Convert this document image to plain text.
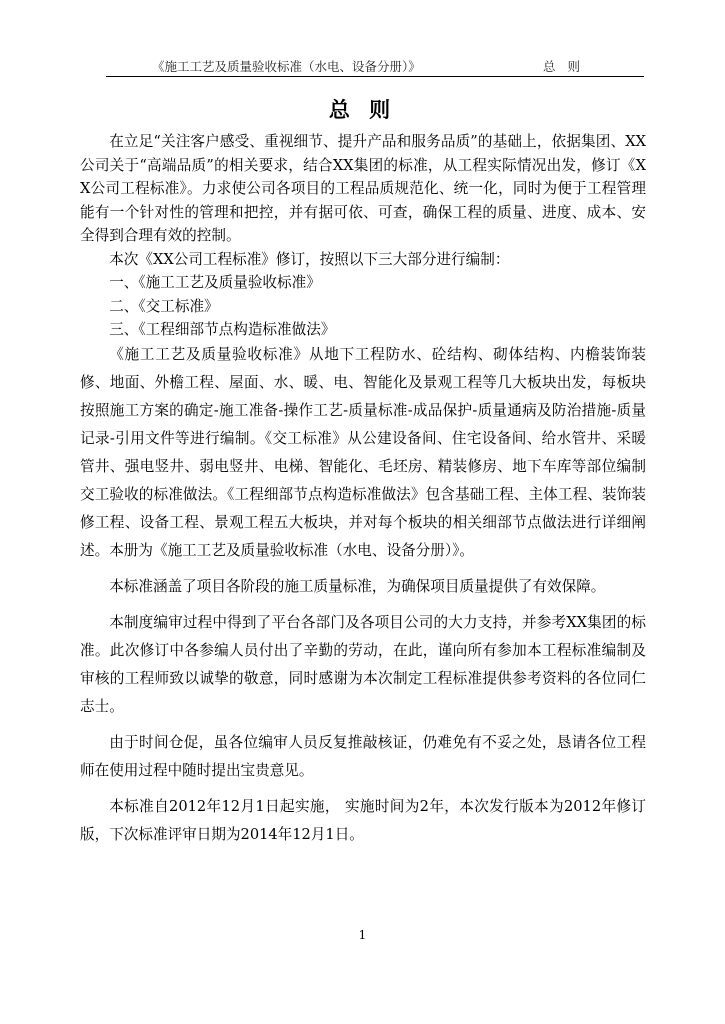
《施工工艺及质量验收标准（水电、设备分册）》	总 则
总 则

在立足“关注客户感受、重视细节、提升产品和服务品质”的基础上，依据集团、XX公司关于“高端品质”的相关要求，结合XX集团的标准，从工程实际情况出发，修订《XX公司工程标准》。力求使公司各项目的工程品质规范化、统一化，同时为便于工程管理能有一个针对性的管理和把控，并有据可依、可查，确保工程的质量、进度、成本、安全得到合理有效的控制。

本次《XX公司工程标准》修订，按照以下三大部分进行编制：

一、《施工工艺及质量验收标准》

二、《交工标准》

三、《工程细部节点构造标准做法》

《施工工艺及质量验收标准》从地下工程防水、砼结构、砌体结构、内檐装饰装修、地面、外檐工程、屋面、水、暖、电、智能化及景观工程等几大板块出发，每板块按照施工方案的确定-施工准备-操作工艺-质量标准-成品保护-质量通病及防治措施-质量记录-引用文件等进行编制。《交工标准》从公建设备间、住宅设备间、给水管井、采暖管井、强电竖井、弱电竖井、电梯、智能化、毛坯房、精装修房、地下车库等部位编制交工验收的标准做法。《工程细部节点构造标准做法》包含基础工程、主体工程、装饰装修工程、设备工程、景观工程五大板块，并对每个板块的相关细部节点做法进行详细阐述。本册为《施工工艺及质量验收标准（水电、设备分册）》。

本标准涵盖了项目各阶段的施工质量标准，为确保项目质量提供了有效保障。

本制度编审过程中得到了平台各部门及各项目公司的大力支持，并参考XX集团的标准。此次修订中各参编人员付出了辛勤的劳动，在此，谨向所有参加本工程标准编制及审核的工程师致以诚挚的敬意，同时感谢为本次制定工程标准提供参考资料的各位同仁志士。

由于时间仓促，虽各位编审人员反复推敲核证，仍难免有不妥之处，恳请各位工程师在使用过程中随时提出宝贵意见。

本标准自2012年12月1日起实施， 实施时间为2年，本次发行版本为2012年修订版，下次标准评审日期为2014年12月1日。

1
